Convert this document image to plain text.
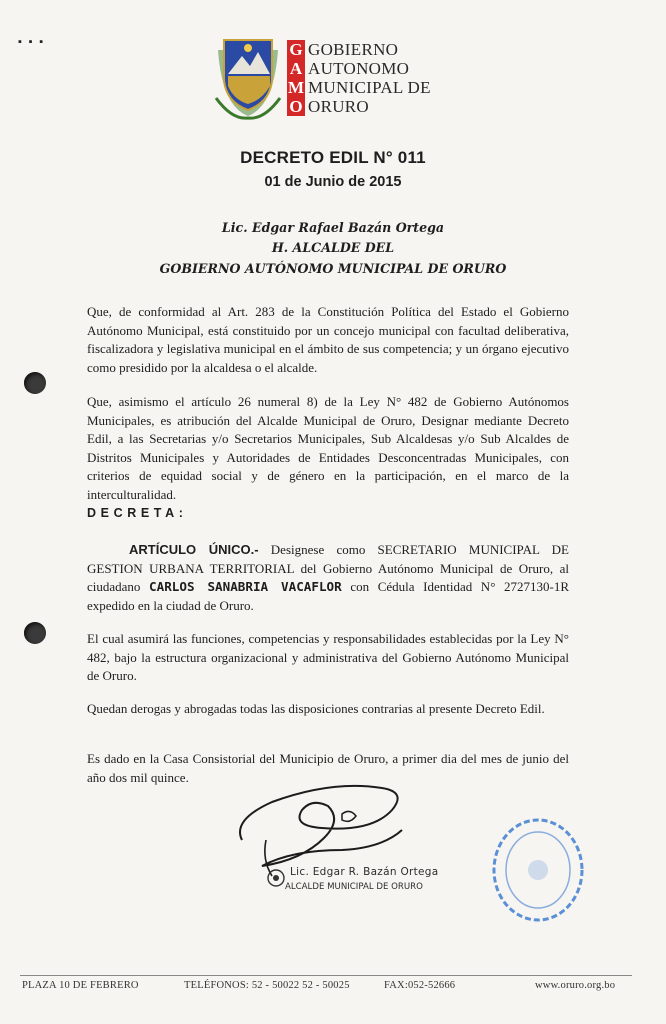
▪ ▪ ▪	G
A
M
O
GOBIERNO
AUTONOMO
MUNICIPAL DE
ORURO
DECRETO EDIL N° 011
01 de Junio de 2015
Lic. Edgar Rafael Bazán Ortega
H. ALCALDE DEL
GOBIERNO AUTÓNOMO MUNICIPAL DE ORURO
Que, de conformidad al Art. 283 de la Constitución Política del Estado el Gobierno Autónomo Municipal, está constituido por un concejo municipal con facultad deliberativa, fiscalizadora y legislativa municipal en el ámbito de sus competencia; y un órgano ejecutivo como presidido por la alcaldesa o el alcalde.
Que, asimismo el artículo 26 numeral 8) de la Ley N° 482 de Gobierno Autónomos Municipales, es atribución del Alcalde Municipal de Oruro, Designar mediante Decreto Edil, a las Secretarias y/o Secretarios Municipales, Sub Alcaldesas y/o Sub Alcaldes de Distritos Municipales y Autoridades de Entidades Desconcentradas Municipales, con criterios de equidad social y de género en la participación, en el marco de la interculturalidad.
DECRETA:
ARTÍCULO ÚNICO.- Designese como SECRETARIO MUNICIPAL DE GESTION URBANA TERRITORIAL del Gobierno Autónomo Municipal de Oruro, al ciudadano CARLOS SANABRIA VACAFLOR con Cédula Identidad N° 2727130-1R expedido en la ciudad de Oruro.
El cual asumirá las funciones, competencias y responsabilidades establecidas por la Ley N° 482, bajo la estructura organizacional y administrativa del Gobierno Autónomo Municipal de Oruro.
Quedan derogas y abrogadas todas las disposiciones contrarias al presente Decreto Edil.
Es dado en la Casa Consistorial del Municipio de Oruro, a primer dia del mes de junio del año dos mil quince.
Lic. Edgar R. Bazán Ortega
ALCALDE MUNICIPAL DE ORURO
PLAZA 10 DE FEBRERO	TELÉFONOS: 52 - 50022 52 - 50025	FAX:052-52666	www.oruro.org.bo
